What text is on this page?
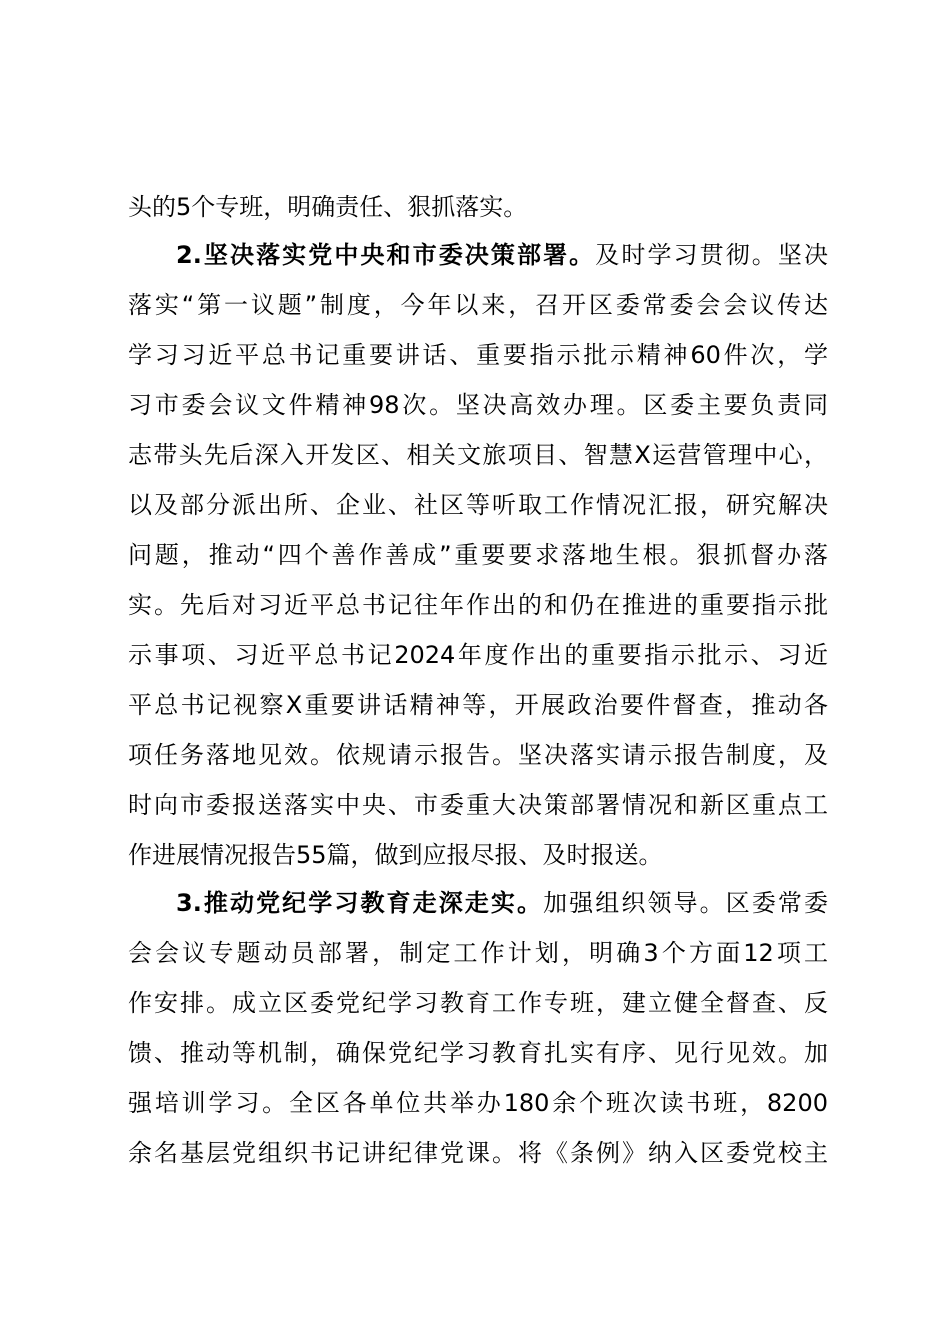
头的5个专班，明确责任、狠抓落实。
2.坚决落实党中央和市委决策部署。及时学习贯彻。坚决
落实“第一议题”制度，今年以来，召开区委常委会会议传达
学习习近平总书记重要讲话、重要指示批示精神60件次，学
习市委会议文件精神98次。坚决高效办理。区委主要负责同
志带头先后深入开发区、相关文旅项目、智慧X运营管理中心，
以及部分派出所、企业、社区等听取工作情况汇报，研究解决
问题，推动“四个善作善成”重要要求落地生根。狠抓督办落
实。先后对习近平总书记往年作出的和仍在推进的重要指示批
示事项、习近平总书记2024年度作出的重要指示批示、习近
平总书记视察X重要讲话精神等，开展政治要件督查，推动各
项任务落地见效。依规请示报告。坚决落实请示报告制度，及
时向市委报送落实中央、市委重大决策部署情况和新区重点工
作进展情况报告55篇，做到应报尽报、及时报送。
3.推动党纪学习教育走深走实。加强组织领导。区委常委
会会议专题动员部署，制定工作计划，明确3个方面12项工
作安排。成立区委党纪学习教育工作专班，建立健全督查、反
馈、推动等机制，确保党纪学习教育扎实有序、见行见效。加
强培训学习。全区各单位共举办180余个班次读书班，8200
余名基层党组织书记讲纪律党课。将《条例》纳入区委党校主
